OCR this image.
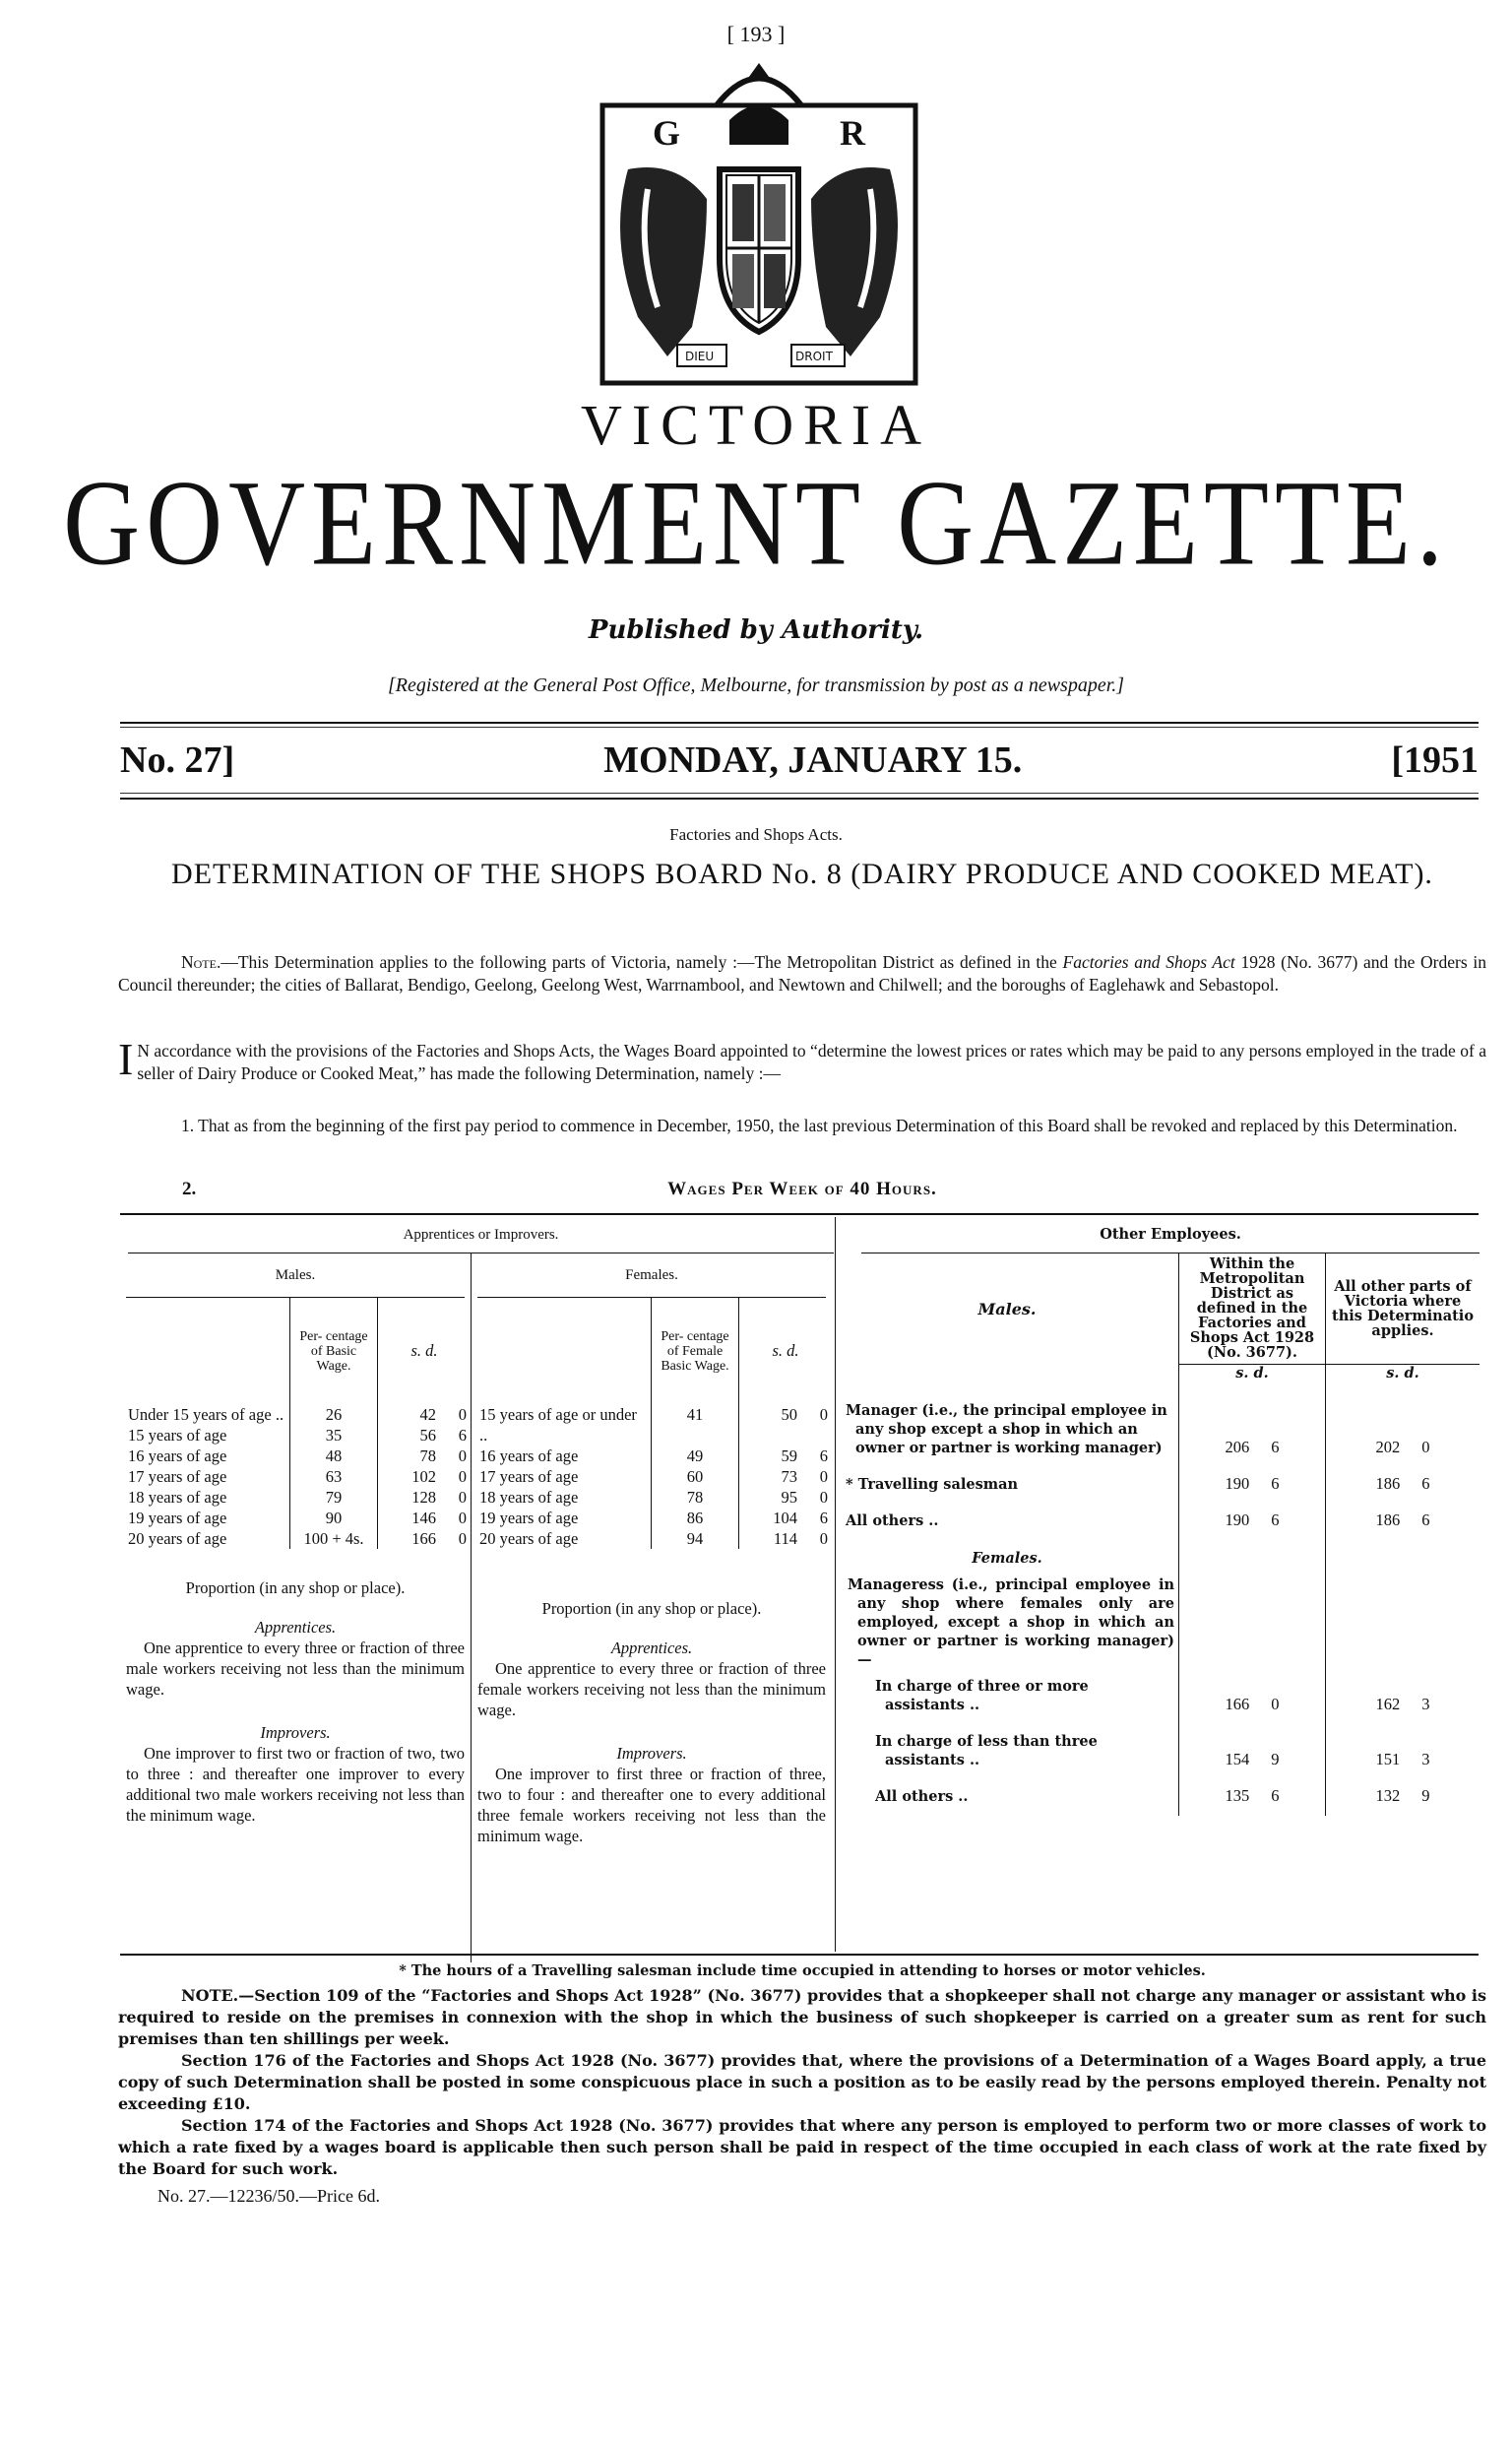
[ 193 ]
G	R
DIEU	DROIT
VICTORIA
GOVERNMENT GAZETTE.
Published by Authority.
[Registered at the General Post Office, Melbourne, for transmission by post as a newspaper.]
No. 27]	MONDAY, JANUARY 15.	[1951
Factories and Shops Acts.
DETERMINATION OF THE SHOPS BOARD No. 8 (DAIRY PRODUCE AND COOKED MEAT).
Note.—This Determination applies to the following parts of Victoria, namely :—The Metropolitan District as defined in the Factories and Shops Act 1928 (No. 3677) and the Orders in Council thereunder; the cities of Ballarat, Bendigo, Geelong, Geelong West, Warrnambool, and Newtown and Chilwell; and the boroughs of Eaglehawk and Sebastopol.
I N accordance with the provisions of the Factories and Shops Acts, the Wages Board appointed to “determine the lowest prices or rates which may be paid to any persons employed in the trade of a seller of Dairy Produce or Cooked Meat,” has made the following Determination, namely :—
1. That as from the beginning of the first pay period to commence in December, 1950, the last previous Determination of this Board shall be revoked and replaced by this Determination.
2.	Wages Per Week of 40 Hours.
Apprentices or Improvers.
Males.
	Per- centage of Basic Wage.	s. d.	
Under 15 years of age ..	26	42	0
15 years of age	35	56	6
16 years of age	48	78	0
17 years of age	63	102	0
18 years of age	79	128	0
19 years of age	90	146	0
20 years of age	100 + 4s.	166	0
Proportion (in any shop or place).
Apprentices.
One apprentice to every three or fraction of three male workers receiving not less than the minimum wage.
Improvers.
One improver to first two or fraction of two, two to three : and thereafter one improver to every additional two male workers receiving not less than the minimum wage.
Females.
	Per- centage of Female Basic Wage.	s. d.	
15 years of age or under ..	41	50	0
16 years of age	49	59	6
17 years of age	60	73	0
18 years of age	78	95	0
19 years of age	86	104	6
20 years of age	94	114	0
Proportion (in any shop or place).
Apprentices.
One apprentice to every three or fraction of three female workers receiving not less than the minimum wage.
Improvers.
One improver to first three or fraction of three, two to four : and thereafter one to every additional three female workers receiving not less than the minimum wage.
Other Employees.
Males.	Within the Metropolitan District as defined in the Factories and Shops Act 1928 (No. 3677).	All other parts of Victoria where this Determinatio applies.
	s. d.	s. d.
Manager (i.e., the principal employee in any shop except a shop in which an owner or partner is working manager)	206 6	202 0
* Travelling salesman	190 6	186 6
All others ..	190 6	186 6
Females.		
Manageress (i.e., principal employee in any shop where females only are employed, except a shop in which an owner or partner is working manager)—		
In charge of three or more assistants ..	166 0	162 3
In charge of less than three assistants ..	154 9	151 3
All others ..	135 6	132 9
* The hours of a Travelling salesman include time occupied in attending to horses or motor vehicles.
NOTE.—Section 109 of the “Factories and Shops Act 1928” (No. 3677) provides that a shopkeeper shall not charge any manager or assistant who is required to reside on the premises in connexion with the shop in which the business of such shopkeeper is carried on a greater sum as rent for such premises than ten shillings per week.
Section 176 of the Factories and Shops Act 1928 (No. 3677) provides that, where the provisions of a Determination of a Wages Board apply, a true copy of such Determination shall be posted in some conspicuous place in such a position as to be easily read by the persons employed therein. Penalty not exceeding £10.
Section 174 of the Factories and Shops Act 1928 (No. 3677) provides that where any person is employed to perform two or more classes of work to which a rate fixed by a wages board is applicable then such person shall be paid in respect of the time occupied in each class of work at the rate fixed by the Board for such work.
No. 27.—12236/50.—Price 6d.
